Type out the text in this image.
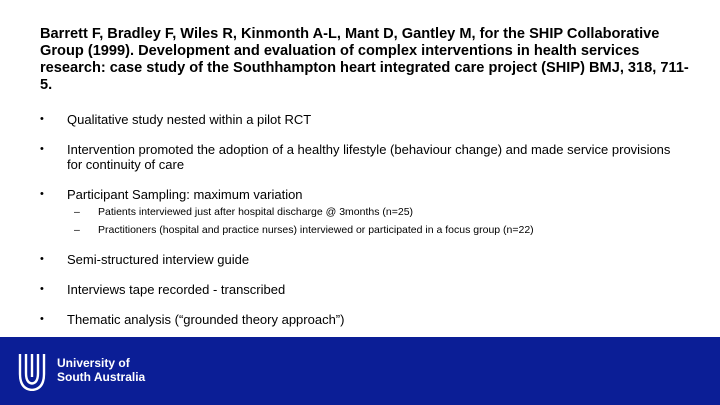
Barrett F, Bradley F, Wiles R, Kinmonth A-L, Mant D, Gantley M, for the SHIP Collaborative Group (1999). Development and evaluation of complex interventions in health services research: case study of the Southhampton heart integrated care project (SHIP) BMJ, 318, 711-5.

• Qualitative study nested within a pilot RCT
• Intervention promoted the adoption of a healthy lifestyle (behaviour change) and made service provisions for continuity of care
• Participant Sampling: maximum variation
– Patients interviewed just after hospital discharge @ 3months (n=25)
– Practitioners (hospital and practice nurses) interviewed or participated in a focus group (n=22)
• Semi-structured interview guide
• Interviews tape recorded - transcribed
• Thematic analysis (“grounded theory approach”)
University of
South Australia
